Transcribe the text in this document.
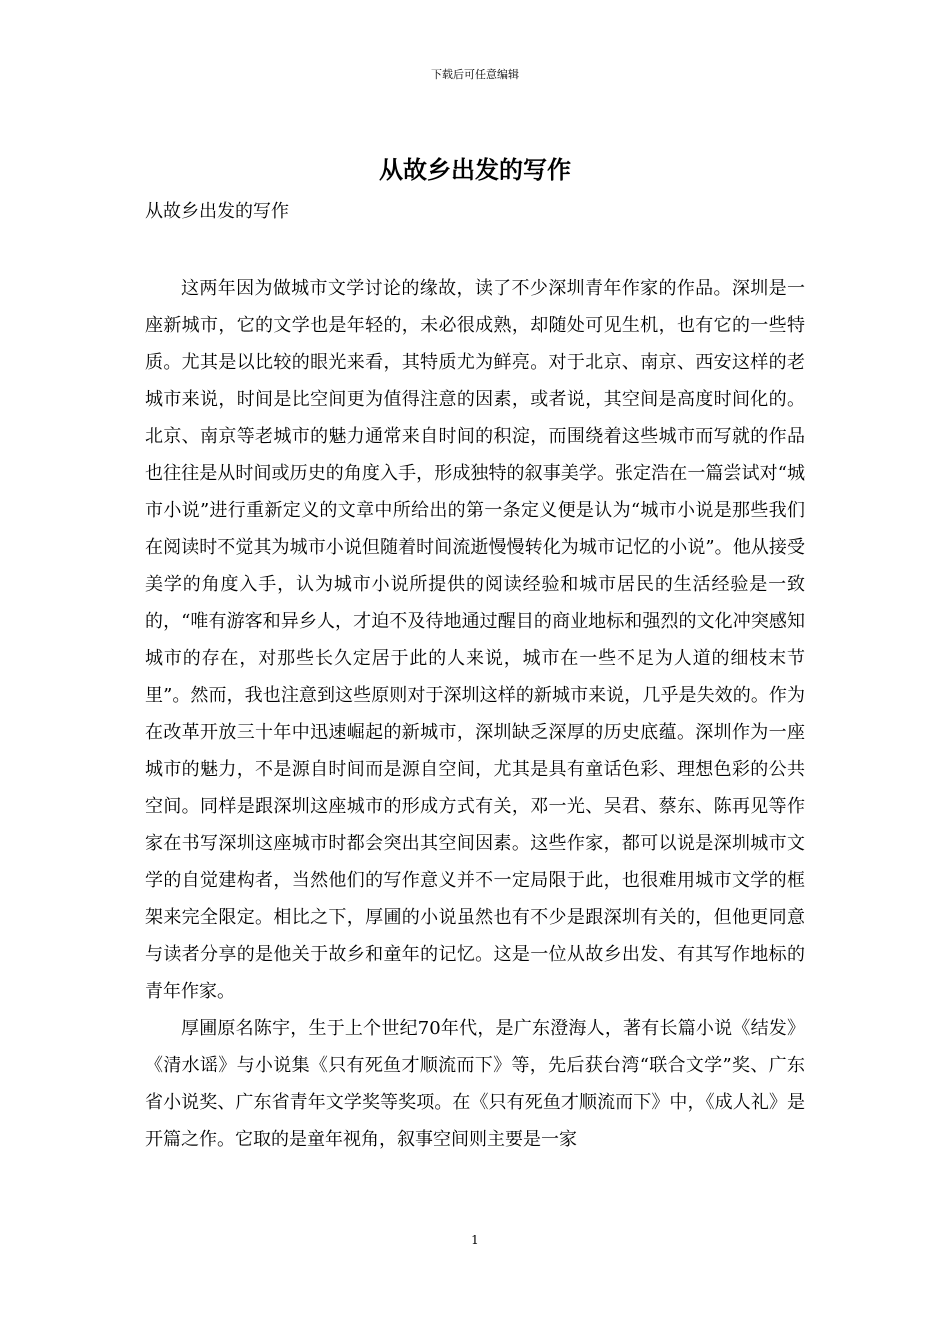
下载后可任意编辑
从故乡出发的写作
从故乡出发的写作

这两年因为做城市文学讨论的缘故，读了不少深圳青年作家的作品。深圳是一座新城市，它的文学也是年轻的，未必很成熟，却随处可见生机，也有它的一些特质。尤其是以比较的眼光来看，其特质尤为鲜亮。对于北京、南京、西安这样的老城市来说，时间是比空间更为值得注意的因素，或者说，其空间是高度时间化的。北京、南京等老城市的魅力通常来自时间的积淀，而围绕着这些城市而写就的作品也往往是从时间或历史的角度入手，形成独特的叙事美学。张定浩在一篇尝试对“城市小说”进行重新定义的文章中所给出的第一条定义便是认为“城市小说是那些我们在阅读时不觉其为城市小说但随着时间流逝慢慢转化为城市记忆的小说”。他从接受美学的角度入手，认为城市小说所提供的阅读经验和城市居民的生活经验是一致的，“唯有游客和异乡人，才迫不及待地通过醒目的商业地标和强烈的文化冲突感知城市的存在，对那些长久定居于此的人来说，城市在一些不足为人道的细枝末节里”。然而，我也注意到这些原则对于深圳这样的新城市来说，几乎是失效的。作为在改革开放三十年中迅速崛起的新城市，深圳缺乏深厚的历史底蕴。深圳作为一座城市的魅力，不是源自时间而是源自空间，尤其是具有童话色彩、理想色彩的公共空间。同样是跟深圳这座城市的形成方式有关，邓一光、吴君、蔡东、陈再见等作家在书写深圳这座城市时都会突出其空间因素。这些作家，都可以说是深圳城市文学的自觉建构者，当然他们的写作意义并不一定局限于此，也很难用城市文学的框架来完全限定。相比之下，厚圃的小说虽然也有不少是跟深圳有关的，但他更同意与读者分享的是他关于故乡和童年的记忆。这是一位从故乡出发、有其写作地标的青年作家。

厚圃原名陈宇，生于上个世纪70年代，是广东澄海人，著有长篇小说《结发》《清水谣》与小说集《只有死鱼才顺流而下》等，先后获台湾“联合文学”奖、广东省小说奖、广东省青年文学奖等奖项。在《只有死鱼才顺流而下》中，《成人礼》是开篇之作。它取的是童年视角，叙事空间则主要是一家

1
